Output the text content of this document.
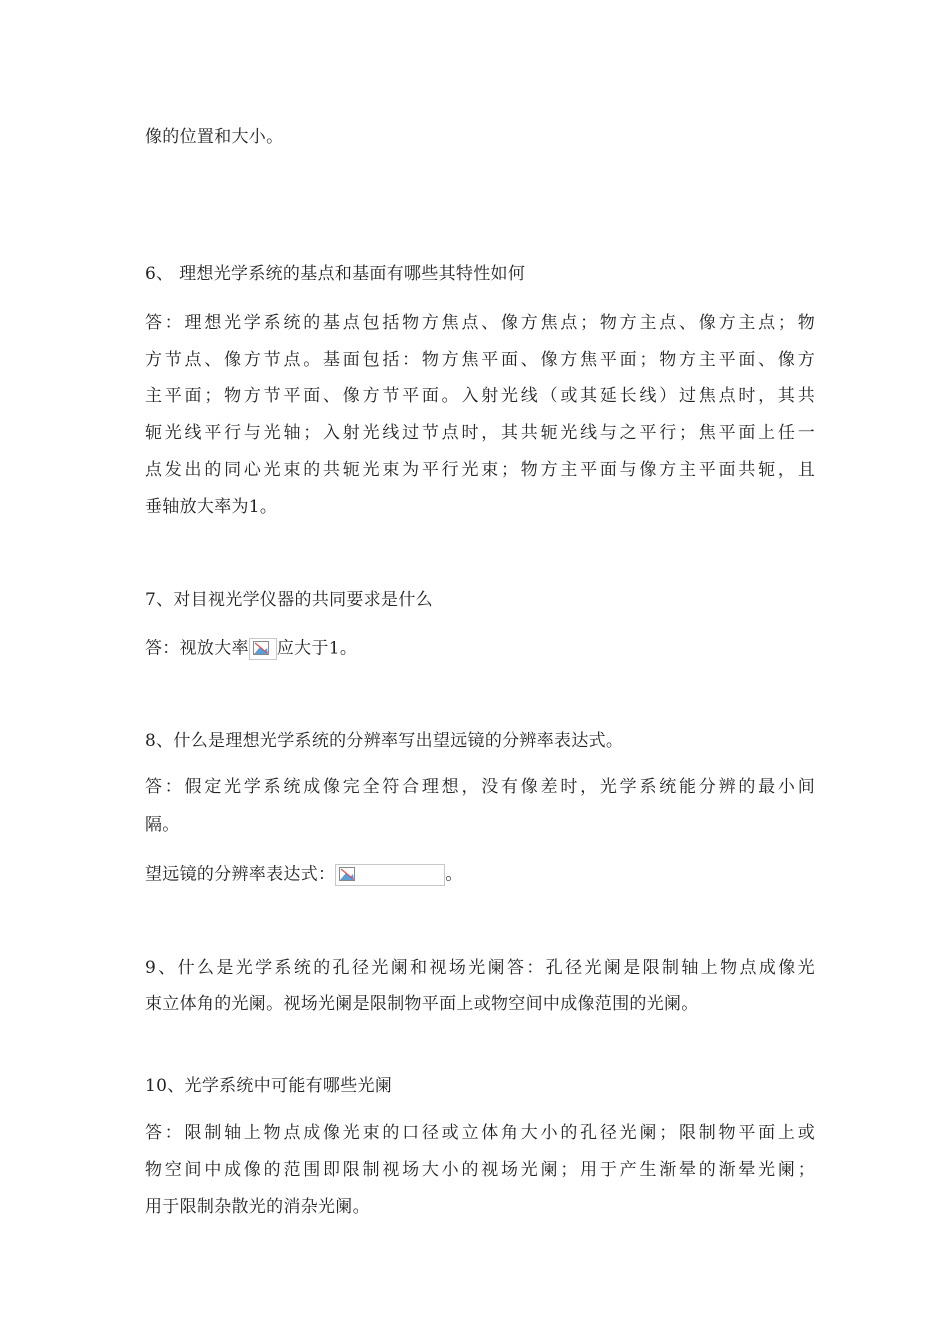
像的位置和大小。
6、 理想光学系统的基点和基面有哪些其特性如何
答：理想光学系统的基点包括物方焦点、像方焦点；物方主点、像方主点；物
方节点、像方节点。基面包括：物方焦平面、像方焦平面；物方主平面、像方
主平面；物方节平面、像方节平面。入射光线（或其延长线）过焦点时，其共
轭光线平行与光轴；入射光线过节点时，其共轭光线与之平行；焦平面上任一
点发出的同心光束的共轭光束为平行光束；物方主平面与像方主平面共轭，且
垂轴放大率为1。
7、对目视光学仪器的共同要求是什么
答：视放大率 应大于1。
8、什么是理想光学系统的分辨率写出望远镜的分辨率表达式。
答：假定光学系统成像完全符合理想，没有像差时，光学系统能分辨的最小间
隔。
望远镜的分辨率表达式：	。
9、什么是光学系统的孔径光阑和视场光阑答：孔径光阑是限制轴上物点成像光
束立体角的光阑。视场光阑是限制物平面上或物空间中成像范围的光阑。
10、光学系统中可能有哪些光阑
答：限制轴上物点成像光束的口径或立体角大小的孔径光阑；限制物平面上或
物空间中成像的范围即限制视场大小的视场光阑；用于产生渐晕的渐晕光阑；
用于限制杂散光的消杂光阑。
